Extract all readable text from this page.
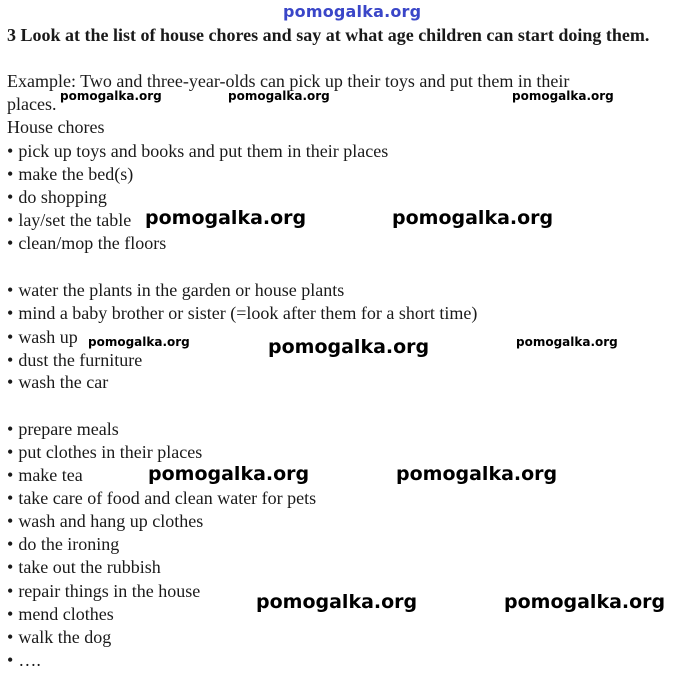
pomogalka.org
3 Look at the list of house chores and say at what age children can start doing them.
Example: Two and three-year-olds can pick up their toys and put them in their
places.
House chores
• pick up toys and books and put them in their places
• make the bed(s)
• do shopping
• lay/set the table
• clean/mop the floors
• water the plants in the garden or house plants
• mind a baby brother or sister (=look after them for a short time)
• wash up
• dust the furniture
• wash the car
• prepare meals
• put clothes in their places
• make tea
• take care of food and clean water for pets
• wash and hang up clothes
• do the ironing
• take out the rubbish
• repair things in the house
• mend clothes
• walk the dog
• ….
pomogalka.org	pomogalka.org	pomogalka.org
pomogalka.org	pomogalka.org
pomogalka.org	pomogalka.org	pomogalka.org
pomogalka.org	pomogalka.org
pomogalka.org	pomogalka.org
